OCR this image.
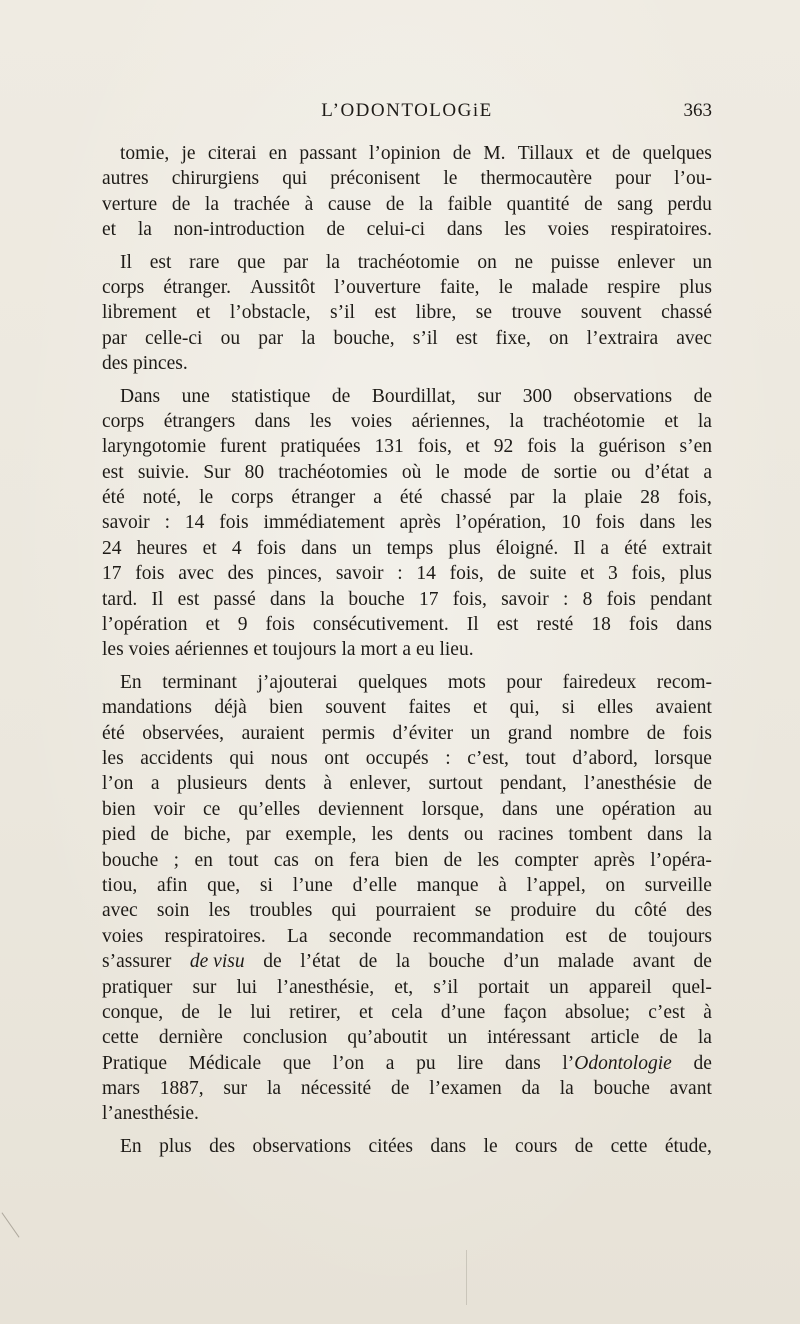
L’ODONTOLOGiE	363
tomie, je citerai en passant l’opinion de M. Tillaux et de quelques
autres chirurgiens qui préconisent le thermocautère pour l’ou-
verture de la trachée à cause de la faible quantité de sang perdu
et la non-introduction de celui-ci dans les voies respiratoires.
Il est rare que par la trachéotomie on ne puisse enlever un
corps étranger. Aussitôt l’ouverture faite, le malade respire plus
librement et l’obstacle, s’il est libre, se trouve souvent chassé
par celle-ci ou par la bouche, s’il est fixe, on l’extraira avec
des pinces.
Dans une statistique de Bourdillat, sur 300 observations de
corps étrangers dans les voies aériennes, la trachéotomie et la
laryngotomie furent pratiquées 131 fois, et 92 fois la guérison s’en
est suivie. Sur 80 trachéotomies où le mode de sortie ou d’état a
été noté, le corps étranger a été chassé par la plaie 28 fois,
savoir : 14 fois immédiatement après l’opération, 10 fois dans les
24 heures et 4 fois dans un temps plus éloigné. Il a été extrait
17 fois avec des pinces, savoir : 14 fois, de suite et 3 fois, plus
tard. Il est passé dans la bouche 17 fois, savoir : 8 fois pendant
l’opération et 9 fois consécutivement. Il est resté 18 fois dans
les voies aériennes et toujours la mort a eu lieu.
En terminant j’ajouterai quelques mots pour fairedeux recom-
mandations déjà bien souvent faites et qui, si elles avaient
été observées, auraient permis d’éviter un grand nombre de fois
les accidents qui nous ont occupés : c’est, tout d’abord, lorsque
l’on a plusieurs dents à enlever, surtout pendant, l’anesthésie de
bien voir ce qu’elles deviennent lorsque, dans une opération au
pied de biche, par exemple, les dents ou racines tombent dans la
bouche ; en tout cas on fera bien de les compter après l’opéra-
tiou, afin que, si l’une d’elle manque à l’appel, on surveille
avec soin les troubles qui pourraient se produire du côté des
voies respiratoires. La seconde recommandation est de toujours
s’assurer de visu de l’état de la bouche d’un malade avant de
pratiquer sur lui l’anesthésie, et, s’il portait un appareil quel-
conque, de le lui retirer, et cela d’une façon absolue; c’est à
cette dernière conclusion qu’aboutit un intéressant article de la
Pratique Médicale que l’on a pu lire dans l’Odontologie de
mars 1887, sur la nécessité de l’examen da la bouche avant
l’anesthésie.
En plus des observations citées dans le cours de cette étude,
